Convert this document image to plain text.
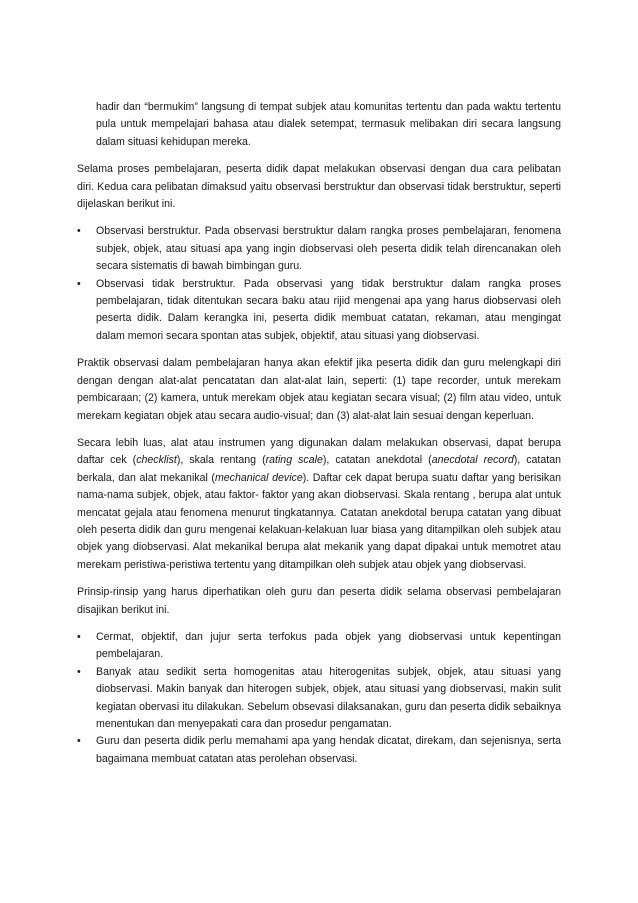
hadir dan “bermukim” langsung di tempat subjek atau komunitas tertentu dan pada waktu tertentu pula untuk mempelajari bahasa atau dialek setempat, termasuk melibakan diri secara langsung dalam situasi kehidupan mereka.

Selama proses pembelajaran, peserta didik dapat melakukan observasi dengan dua cara pelibatan diri. Kedua cara pelibatan dimaksud yaitu observasi berstruktur dan observasi tidak berstruktur, seperti dijelaskan berikut ini.

• Observasi berstruktur. Pada observasi berstruktur dalam rangka proses pembelajaran, fenomena subjek, objek, atau situasi apa yang ingin diobservasi oleh peserta didik telah direncanakan oleh secara sistematis di bawah bimbingan guru.
• Observasi tidak berstruktur. Pada observasi yang tidak berstruktur dalam rangka proses pembelajaran, tidak ditentukan secara baku atau rijid mengenai apa yang harus diobservasi oleh peserta didik. Dalam kerangka ini, peserta didik membuat catatan, rekaman, atau mengingat dalam memori secara spontan atas subjek, objektif, atau situasi yang diobservasi.

Praktik observasi dalam pembelajaran hanya akan efektif jika peserta didik dan guru melengkapi diri dengan dengan alat-alat pencatatan dan alat-alat lain, seperti: (1) tape recorder, untuk merekam pembicaraan; (2) kamera, untuk merekam objek atau kegiatan secara visual; (2) film atau video, untuk merekam kegiatan objek atau secara audio-visual; dan (3) alat-alat lain sesuai dengan keperluan.

Secara lebih luas, alat atau instrumen yang digunakan dalam melakukan observasi, dapat berupa daftar cek (checklist), skala rentang (rating scale), catatan anekdotal (anecdotal record), catatan berkala, dan alat mekanikal (mechanical device). Daftar cek dapat berupa suatu daftar yang berisikan nama-nama subjek, objek, atau faktor- faktor yang akan diobservasi. Skala rentang , berupa alat untuk mencatat gejala atau fenomena menurut tingkatannya. Catatan anekdotal berupa catatan yang dibuat oleh peserta didik dan guru mengenai kelakuan-kelakuan luar biasa yang ditampilkan oleh subjek atau objek yang diobservasi. Alat mekanikal berupa alat mekanik yang dapat dipakai untuk memotret atau merekam peristiwa-peristiwa tertentu yang ditampilkan oleh subjek atau objek yang diobservasi.

Prinsip-rinsip yang harus diperhatikan oleh guru dan peserta didik selama observasi pembelajaran disajikan berikut ini.

• Cermat, objektif, dan jujur serta terfokus pada objek yang diobservasi untuk kepentingan pembelajaran.
• Banyak atau sedikit serta homogenitas atau hiterogenitas subjek, objek, atau situasi yang diobservasi. Makin banyak dan hiterogen subjek, objek, atau situasi yang diobservasi, makin sulit kegiatan obervasi itu dilakukan. Sebelum obsevasi dilaksanakan, guru dan peserta didik sebaiknya menentukan dan menyepakati cara dan prosedur pengamatan.
• Guru dan peserta didik perlu memahami apa yang hendak dicatat, direkam, dan sejenisnya, serta bagaimana membuat catatan atas perolehan observasi.
